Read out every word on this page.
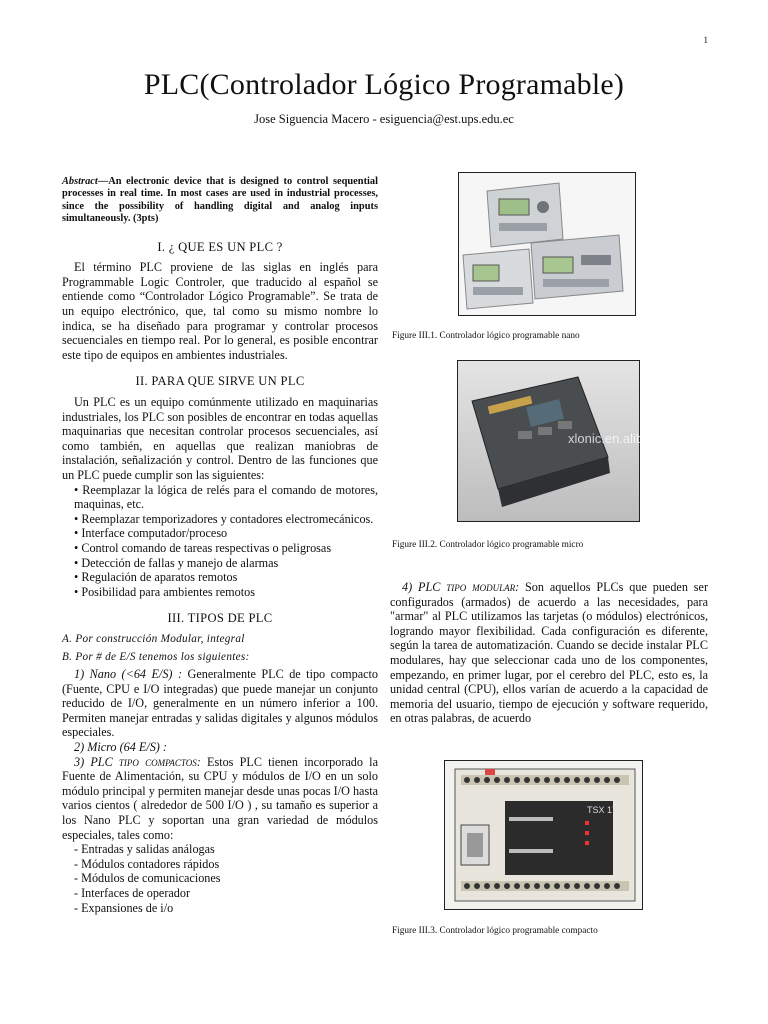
1
PLC(Controlador Lógico Programable)
Jose Siguencia Macero - esiguencia@est.ups.edu.ec
Abstract—An electronic device that is designed to control sequential processes in real time. In most cases are used in industrial processes, since the possibility of handling digital and analog inputs simultaneously. (3pts)
I. ¿ QUE ES UN PLC ?

El término PLC proviene de las siglas en inglés para Programmable Logic Controler, que traducido al español se entiende como “Controlador Lógico Programable”. Se trata de un equipo electrónico, que, tal como su mismo nombre lo indica, se ha diseñado para programar y controlar procesos secuenciales en tiempo real. Por lo general, es posible encontrar este tipo de equipos en ambientes industriales.

II. PARA QUE SIRVE UN PLC

Un PLC es un equipo comúnmente utilizado en maquinarias industriales, los PLC son posibles de encontrar en todas aquellas maquinarias que necesitan controlar procesos secuenciales, así como también, en aquellas que realizan maniobras de instalación, señalización y control. Dentro de las funciones que un PLC puede cumplir son las siguientes:

• Reemplazar la lógica de relés para el comando de motores, maquinas, etc.
• Reemplazar temporizadores y contadores electromecánicos.
• Interface computador/proceso
• Control comando de tareas respectivas o peligrosas
• Detección de fallas y manejo de alarmas
• Regulación de aparatos remotos
• Posibilidad para ambientes remotos
III. TIPOS DE PLC
A. Por construcción Modular, integral
B. Por # de E/S tenemos los siguientes:

1) Nano (<64 E/S) : Generalmente PLC de tipo compacto (Fuente, CPU e I/O integradas) que puede manejar un conjunto reducido de I/O, generalmente en un número inferior a 100. Permiten manejar entradas y salidas digitales y algunos módulos especiales.

2) Micro (64 E/S) :

3) PLC tipo compactos: Estos PLC tienen incorporado la Fuente de Alimentación, su CPU y módulos de I/O en un solo módulo principal y permiten manejar desde unas pocas I/O hasta varios cientos ( alrededor de 500 I/O ) , su tamaño es superior a los Nano PLC y soportan una gran variedad de módulos especiales, tales como:

- Entradas y salidas análogas
- Módulos contadores rápidos
- Módulos de comunicaciones
- Interfaces de operador
- Expansiones de i/o
Figure III.1. Controlador lógico programable nano
xlonic.en.alibaba.com
Figure III.2. Controlador lógico programable micro

4) PLC tipo modular: Son aquellos PLCs que pueden ser configurados (armados) de acuerdo a las necesidades, para "armar" al PLC utilizamos las tarjetas (o módulos) electrónicos, logrando mayor flexibilidad. Cada configuración es diferente, según la tarea de automatización. Cuando se decide instalar PLC modulares, hay que seleccionar cada uno de los componentes, empezando, en primer lugar, por el cerebro del PLC, esto es, la unidad central (CPU), ellos varían de acuerdo a la capacidad de memoria del usuario, tiempo de ejecución y software requerido, en otras palabras, de acuerdo

TSX 17
Figure III.3. Controlador lógico programable compacto
